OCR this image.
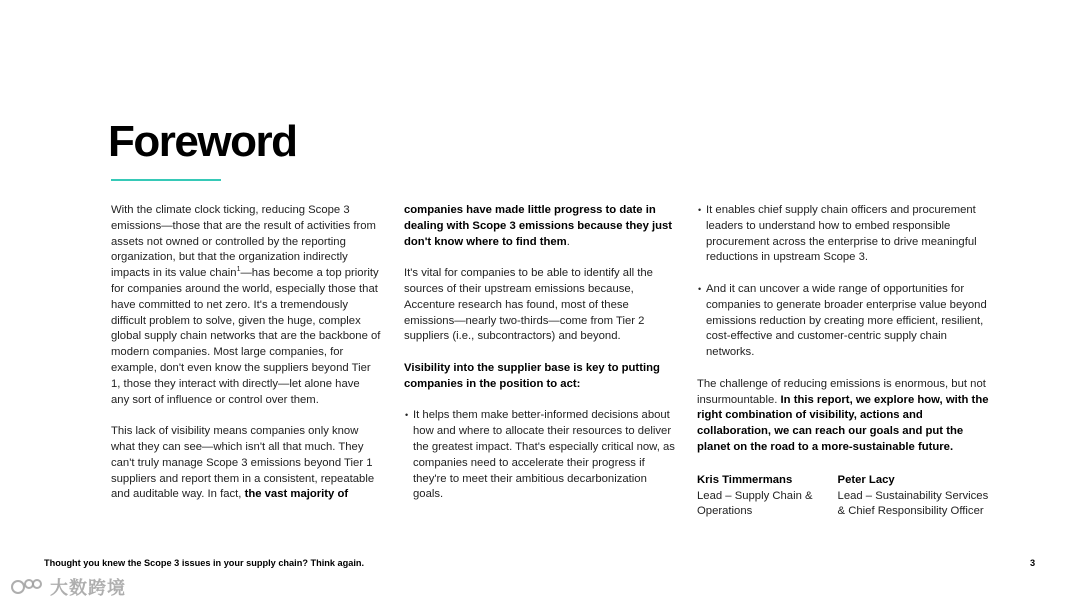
Foreword

With the climate clock ticking, reducing Scope 3 emissions—those that are the result of activities from assets not owned or controlled by the reporting organization, but that the organization indirectly impacts in its value chain$^1$—has become a top priority for companies around the world, especially those that have committed to net zero. It's a tremendously difficult problem to solve, given the huge, complex global supply chain networks that are the backbone of modern companies. Most large companies, for example, don't even know the suppliers beyond Tier 1, those they interact with directly—let alone have any sort of influence or control over them.

This lack of visibility means companies only know what they can see—which isn't all that much. They can't truly manage Scope 3 emissions beyond Tier 1 suppliers and report them in a consistent, repeatable and auditable way. In fact, the vast majority of

companies have made little progress to date in dealing with Scope 3 emissions because they just don't know where to find them.

It's vital for companies to be able to identify all the sources of their upstream emissions because, Accenture research has found, most of these emissions—nearly two-thirds—come from Tier 2 suppliers (i.e., subcontractors) and beyond.

Visibility into the supplier base is key to putting companies in the position to act:

• It helps them make better-informed decisions about how and where to allocate their resources to deliver the greatest impact. That's especially critical now, as companies need to accelerate their progress if they're to meet their ambitious decarbonization goals.
• It enables chief supply chain officers and procurement leaders to understand how to embed responsible procurement across the enterprise to drive meaningful reductions in upstream Scope 3.
• And it can uncover a wide range of opportunities for companies to generate broader enterprise value beyond emissions reduction by creating more efficient, resilient, cost-effective and customer-centric supply chain networks.

The challenge of reducing emissions is enormous, but not insurmountable. In this report, we explore how, with the right combination of visibility, actions and collaboration, we can reach our goals and put the planet on the road to a more-sustainable future.

Kris Timmermans
Lead – Supply Chain & Operations
Peter Lacy
Lead – Sustainability Services & Chief Responsibility Officer
Thought you knew the Scope 3 issues in your supply chain? Think again.	3
大数跨境
